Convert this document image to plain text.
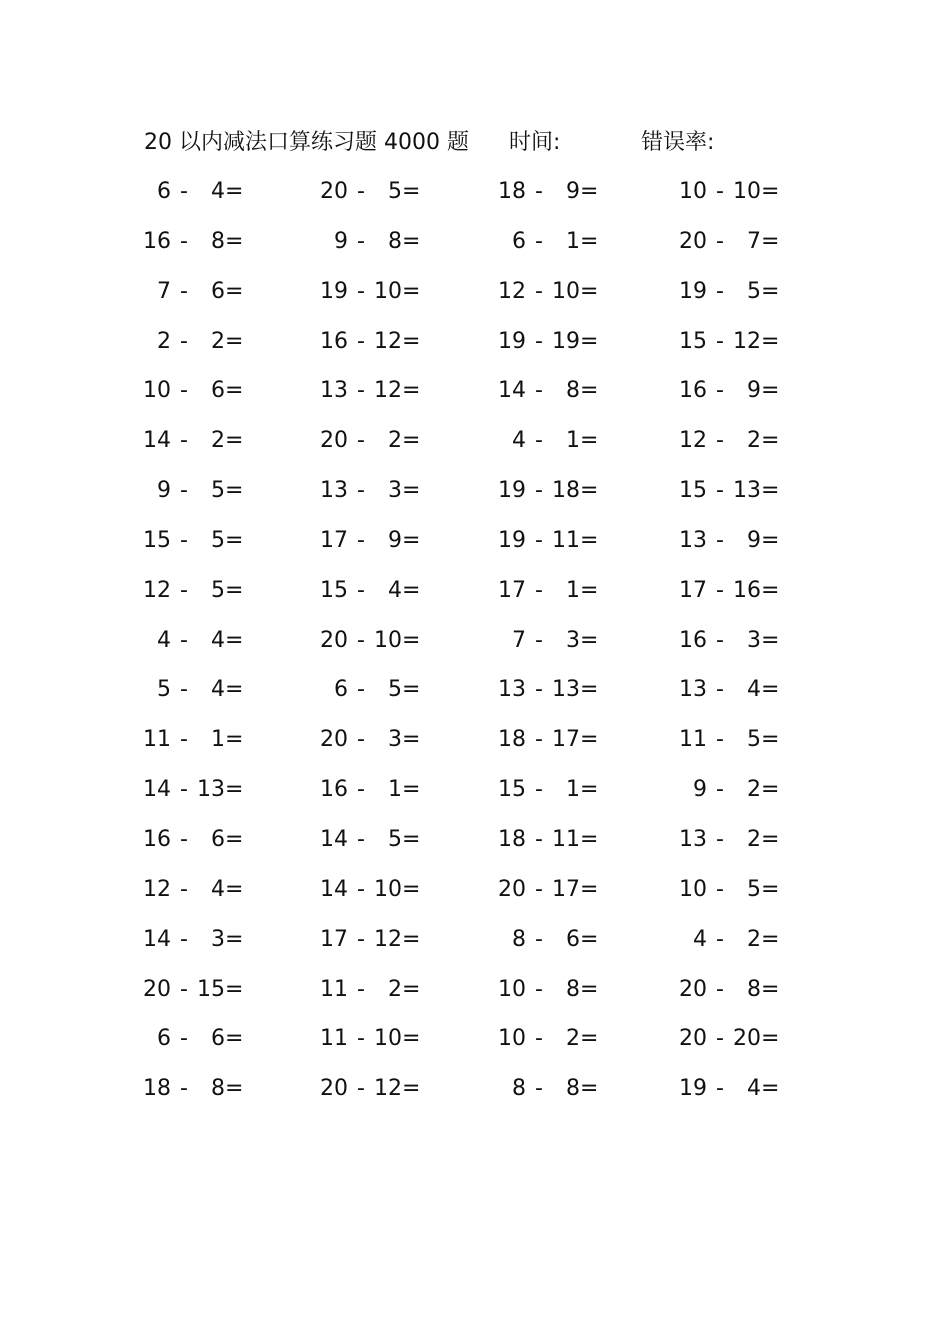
20 以内减法口算练习题 4000 题 时间:	错误率:
6 -	4 =	20 -	5 =	18 -	9 =	10 - 10 =
16 -	8 =	9 -	8 =	6 -	1 =	20 -	7 =
7 -	6 =	19 - 10 =	12 - 10 =	19 -	5 =
2 -	2 =	16 - 12 =	19 - 19 =	15 - 12 =
10 -	6 =	13 - 12 =	14 -	8 =	16 -	9 =
14 -	2 =	20 -	2 =	4 -	1 =	12 -	2 =
9 -	5 =	13 -	3 =	19 - 18 =	15 - 13 =
15 -	5 =	17 -	9 =	19 - 11 =	13 -	9 =
12 -	5 =	15 -	4 =	17 -	1 =	17 - 16 =
4 -	4 =	20 - 10 =	7 -	3 =	16 -	3 =
5 -	4 =	6 -	5 =	13 - 13 =	13 -	4 =
11 -	1 =	20 -	3 =	18 - 17 =	11 -	5 =
14 - 13 =	16 -	1 =	15 -	1 =	9 -	2 =
16 -	6 =	14 -	5 =	18 - 11 =	13 -	2 =
12 -	4 =	14 - 10 =	20 - 17 =	10 -	5 =
14 -	3 =	17 - 12 =	8 -	6 =	4 -	2 =
20 - 15 =	11 -	2 =	10 -	8 =	20 -	8 =
6 -	6 =	11 - 10 =	10 -	2 =	20 - 20 =
18 -	8 =	20 - 12 =	8 -	8 =	19 -	4 =
